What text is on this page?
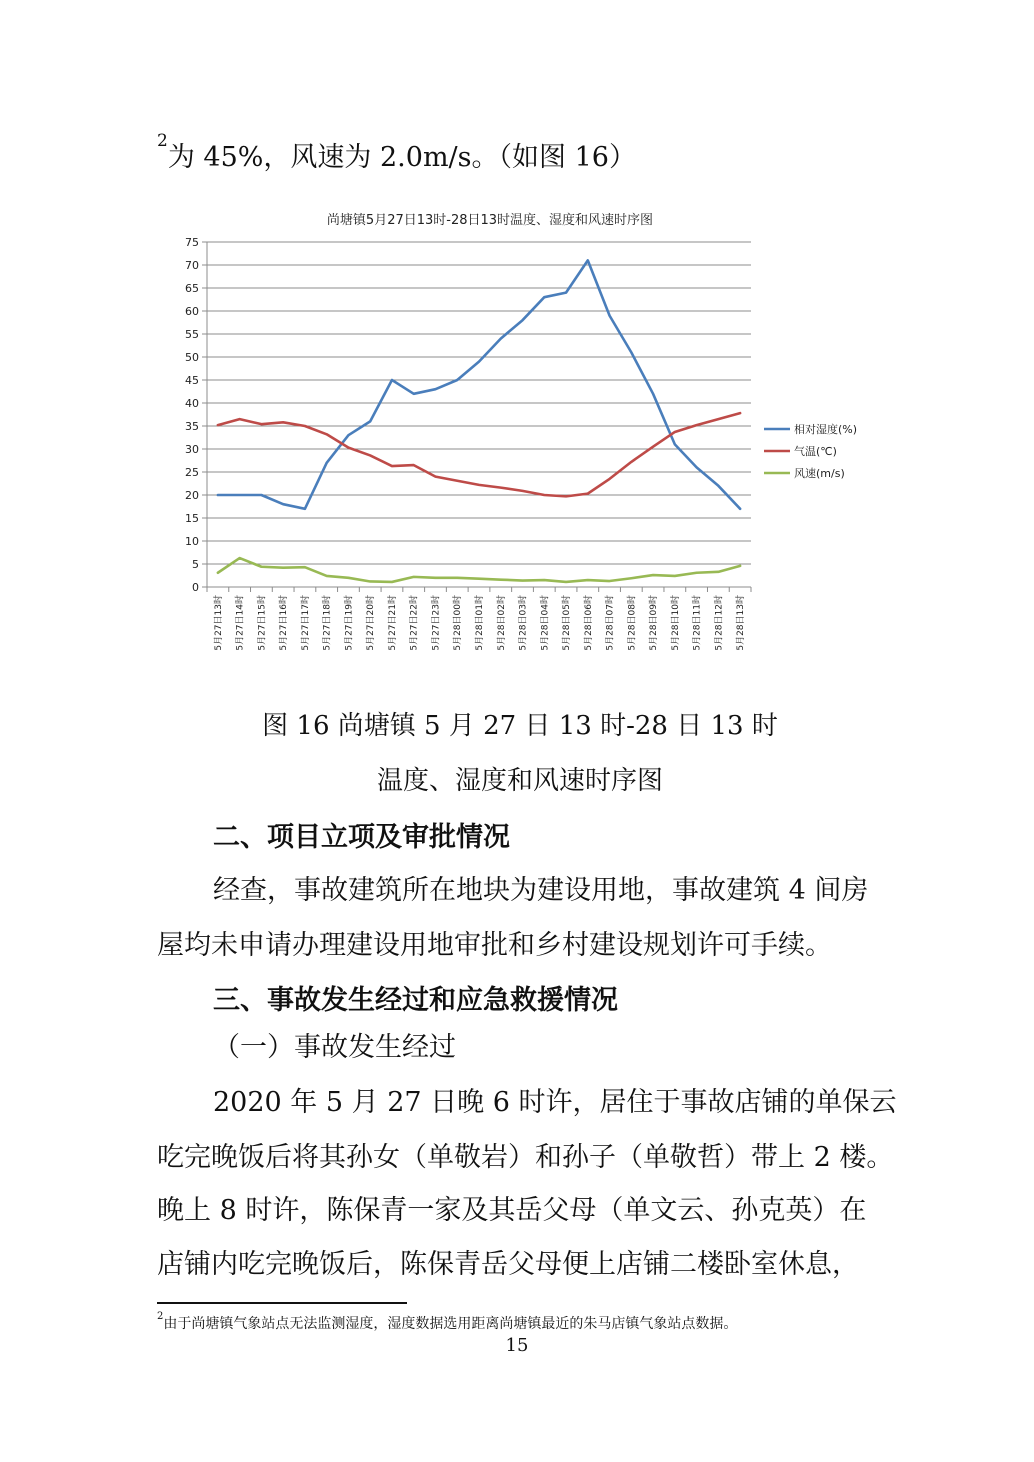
$^2$为 45%，风速为 2.0m/s。（如图 16）
尚塘镇5月27日13时-28日13时温度、湿度和风速时序图
0
5
10
15
20
25
30
35
40
45
50
55
60
65
70
75
5月27日13时 5月27日14时 5月27日15时 5月27日16时 5月27日17时 5月27日18时 5月27日19时 5月27日20时 5月27日21时 5月27日22时 5月27日23时 5月28日00时 5月28日01时 5月28日02时 5月28日03时 5月28日04时 5月28日05时 5月28日06时 5月28日07时 5月28日08时 5月28日09时 5月28日10时 5月28日11时 5月28日12时 5月28日13时
相对湿度(%)
气温(℃)
风速(m/s)
图 16 尚塘镇 5 月 27 日 13 时-28 日 13 时
温度、湿度和风速时序图
二、项目立项及审批情况
经查，事故建筑所在地块为建设用地，事故建筑 4 间房
屋均未申请办理建设用地审批和乡村建设规划许可手续。
三、事故发生经过和应急救援情况
（一）事故发生经过
2020 年 5 月 27 日晚 6 时许，居住于事故店铺的单保云
吃完晚饭后将其孙女（单敬岩）和孙子（单敬哲）带上 2 楼。
晚上 8 时许，陈保青一家及其岳父母（单文云、孙克英）在
店铺内吃完晚饭后，陈保青岳父母便上店铺二楼卧室休息，
$^2$由于尚塘镇气象站点无法监测湿度，湿度数据选用距离尚塘镇最近的朱马店镇气象站点数据。
15
